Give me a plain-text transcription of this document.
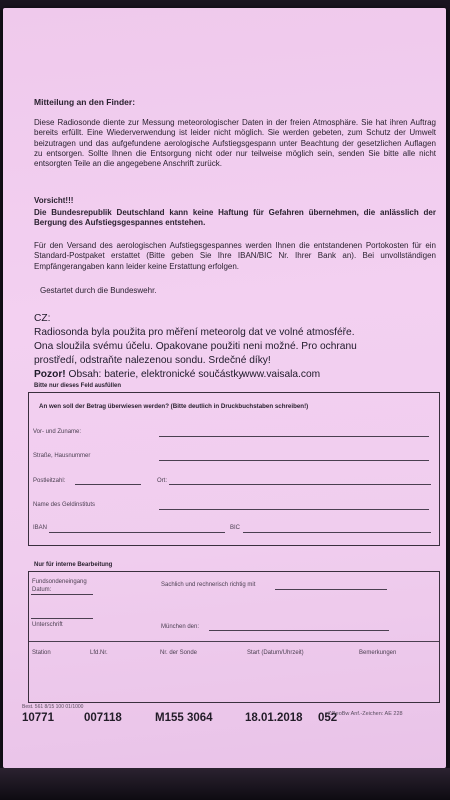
Mitteilung an den Finder:
Diese Radiosonde diente zur Messung meteorologischer Daten in der freien Atmosphäre. Sie hat ihren Auftrag bereits erfüllt. Eine Wiederverwendung ist leider nicht möglich. Sie werden gebeten, zum Schutz der Umwelt beizutragen und das aufgefundene aerologische Aufstiegsgespann unter Beachtung der gesetzlichen Auflagen zu entsorgen. Sollte Ihnen die Entsorgung nicht oder nur teilweise möglich sein, senden Sie bitte alle nicht entsorgten Teile an die angegebene Anschrift zurück.
Vorsicht!!!
Die Bundesrepublik Deutschland kann keine Haftung für Gefahren übernehmen, die anlässlich der Bergung des Aufstiegsgespannes entstehen.
Für den Versand des aerologischen Aufstiegsgespannes werden Ihnen die entstandenen Portokosten für ein Standard-Postpaket erstattet (Bitte geben Sie Ihre IBAN/BIC Nr. Ihrer Bank an). Bei unvollständigen Empfängerangaben kann leider keine Erstattung erfolgen.
Gestartet durch die Bundeswehr.
CZ:
Radiosonda byla použita pro měření meteorolg dat ve volné atmosféře.
Ona sloužila svému účelu. Opakovane použiti neni možné. Pro ochranu
prostředí, odstraňte nalezenou sondu. Srdečné díky!
Pozor! Obsah: baterie, elektronické součástky
www.vaisala.com
Bitte nur dieses Feld ausfüllen
An wen soll der Betrag überwiesen werden? (Bitte deutlich in Druckbuchstaben schreiben!)
Vor- und Zuname:
Straße, Hausnummer
Postleitzahl:	Ort:
Name des Geldinstituts
IBAN	BIC
Nur für interne Bearbeitung
Fundsondeneingang
Datum:
Sachlich und rechnerisch richtig mit
Unterschrift	München den:
Station	Lfd.Nr.	Nr. der Sonde	Start (Datum/Uhrzeit)	Bemerkungen
Best. 561 8/15 100 01/1000
10771	007118	M155 3064	18.01.2018 052
ZGeoBw Anf.-Zeichen: AE 228
